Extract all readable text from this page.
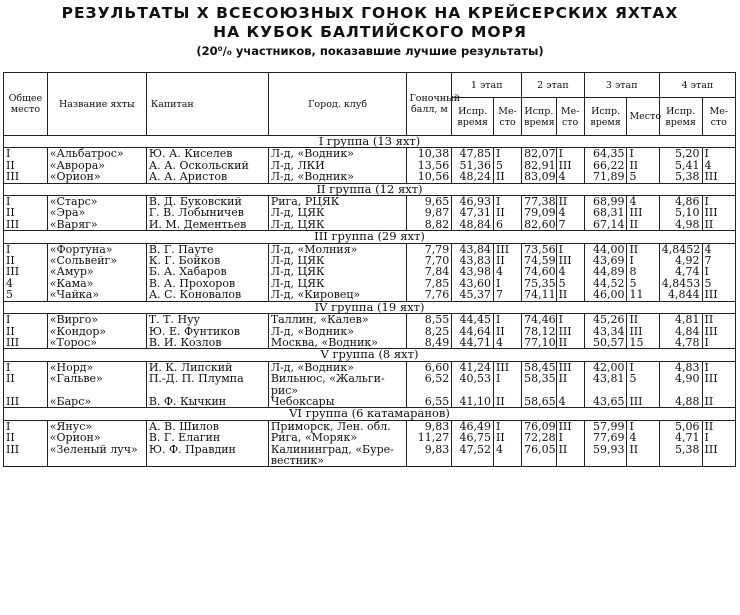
РЕЗУЛЬТАТЫ X ВСЕСОЮЗНЫХ ГОНОК НА КРЕЙСЕРСКИХ ЯХТАХ
НА КУБОК БАЛТИЙСКОГО МОРЯ
(20⁰/₀ участников, показавшие лучшие результаты)
Общее место	Название яхты	Капитан	Город. клуб	Гоночный балл, м	1 этап		2 этап		3 этап		4 этап	
					Испр. время	Ме- сто	Испр. время	Ме- сто	Испр. время	Место	Испр. время	Ме- сто
I группа (13 яхт)												
I	«Альбатрос»	Ю. А. Киселев	Л-д, «Водник»	10,38	47,85	I	82,07	I	64,35	I	5,20	I
II	«Аврора»	А. А. Оскольский	Л-д, ЛКИ	13,56	51,36	5	82,91	III	66,22	II	5,41	4
III	«Орион»	А. А. Аристов	Л-д, «Водник»	10,56	48,24	II	83,09	4	71,89	5	5,38	III
II группа (12 яхт)												
I	«Старс»	В. Д. Буковский	Рига, РЦЯК	9,65	46,93	I	77,38	II	68,99	4	4,86	I
II	«Эра»	Г. В. Лобыничев	Л-д, ЦЯК	9,87	47,31	II	79,09	4	68,31	III	5,10	III
III	«Варяг»	И. М. Дементьев	Л-д, ЦЯК	8,82	48,84	6	82,60	7	67,14	II	4,98	II
III группа (29 яхт)												
I	«Фортуна»	В. Г. Пауте	Л-д, «Молния»	7,79	43,84	III	73,56	I	44,00	II	4,8452	4
II	«Сольвейг»	К. Г. Бойков	Л-д, ЦЯК	7,70	43,83	II	74,59	III	43,69	I	4,92	7
III	«Амур»	Б. А. Хабаров	Л-д, ЦЯК	7,84	43,98	4	74,60	4	44,89	8	4,74	I
4	«Кама»	В. А. Прохоров	Л-д, ЦЯК	7,85	43,60	I	75,35	5	44,52	5	4,8453	5
5	«Чайка»	А. С. Коновалов	Л-д, «Кировец»	7,76	45,37	7	74,11	II	46,00	11	4,844	III
IV группа (19 яхт)												
I	«Вирго»	Т. Т. Нуу	Таллин, «Калев»	8,55	44,45	I	74,46	I	45,26	II	4,81	II
II	«Кондор»	Ю. Е. Фунтиков	Л-д, «Водник»	8,25	44,64	II	78,12	III	43,34	III	4,84	III
III	«Торос»	В. И. Козлов	Москва, «Водник»	8,49	44,71	4	77,10	II	50,57	15	4,78	I
V группа (8 яхт)												
I	«Норд»	И. К. Липский	Л-д, «Водник»	6,60	41,24	III	58,45	III	42,00	I	4,83	I
II	«Гальве»	П.-Д. П. Плумпа	Вильнюс, «Жальги-
рис»	6,52	40,53	I	58,35	II	43,81	5	4,90	III
III	«Барс»	В. Ф. Кычкин	Чебоксары	6,55	41,10	II	58,65	4	43,65	III	4,88	II
VI группа (6 катамаранов)												
I	«Янус»	А. В. Шилов	Приморск, Лен. обл.	9,83	46,49	I	76,09	III	57,99	I	5,06	II
II	«Орион»	В. Г. Елагин	Рига, «Моряк»	11,27	46,75	II	72,28	I	77,69	4	4,71	I
III	«Зеленый луч»	Ю. Ф. Правдин	Калининград, «Буре-
вестник»	9,83	47,52	4	76,05	II	59,93	II	5,38	III
